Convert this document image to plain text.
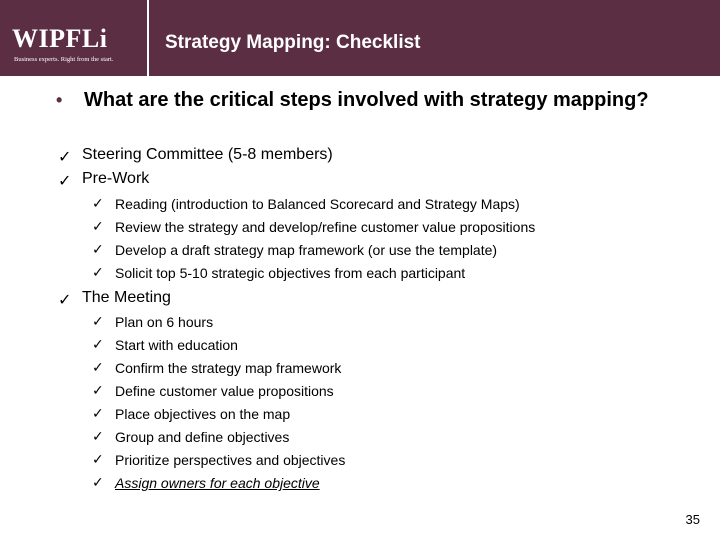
WIPFLi
Business experts. Right from the start.
Strategy Mapping: Checklist
•	What are the critical steps involved with strategy mapping?
✓ Steering Committee (5-8 members)
✓ Pre-Work
✓ Reading (introduction to Balanced Scorecard and Strategy Maps)
✓ Review the strategy and develop/refine customer value propositions
✓ Develop a draft strategy map framework (or use the template)
✓ Solicit top 5-10 strategic objectives from each participant
✓ The Meeting
✓ Plan on 6 hours
✓ Start with education
✓ Confirm the strategy map framework
✓ Define customer value propositions
✓ Place objectives on the map
✓ Group and define objectives
✓ Prioritize perspectives and objectives
✓ Assign owners for each objective
35
